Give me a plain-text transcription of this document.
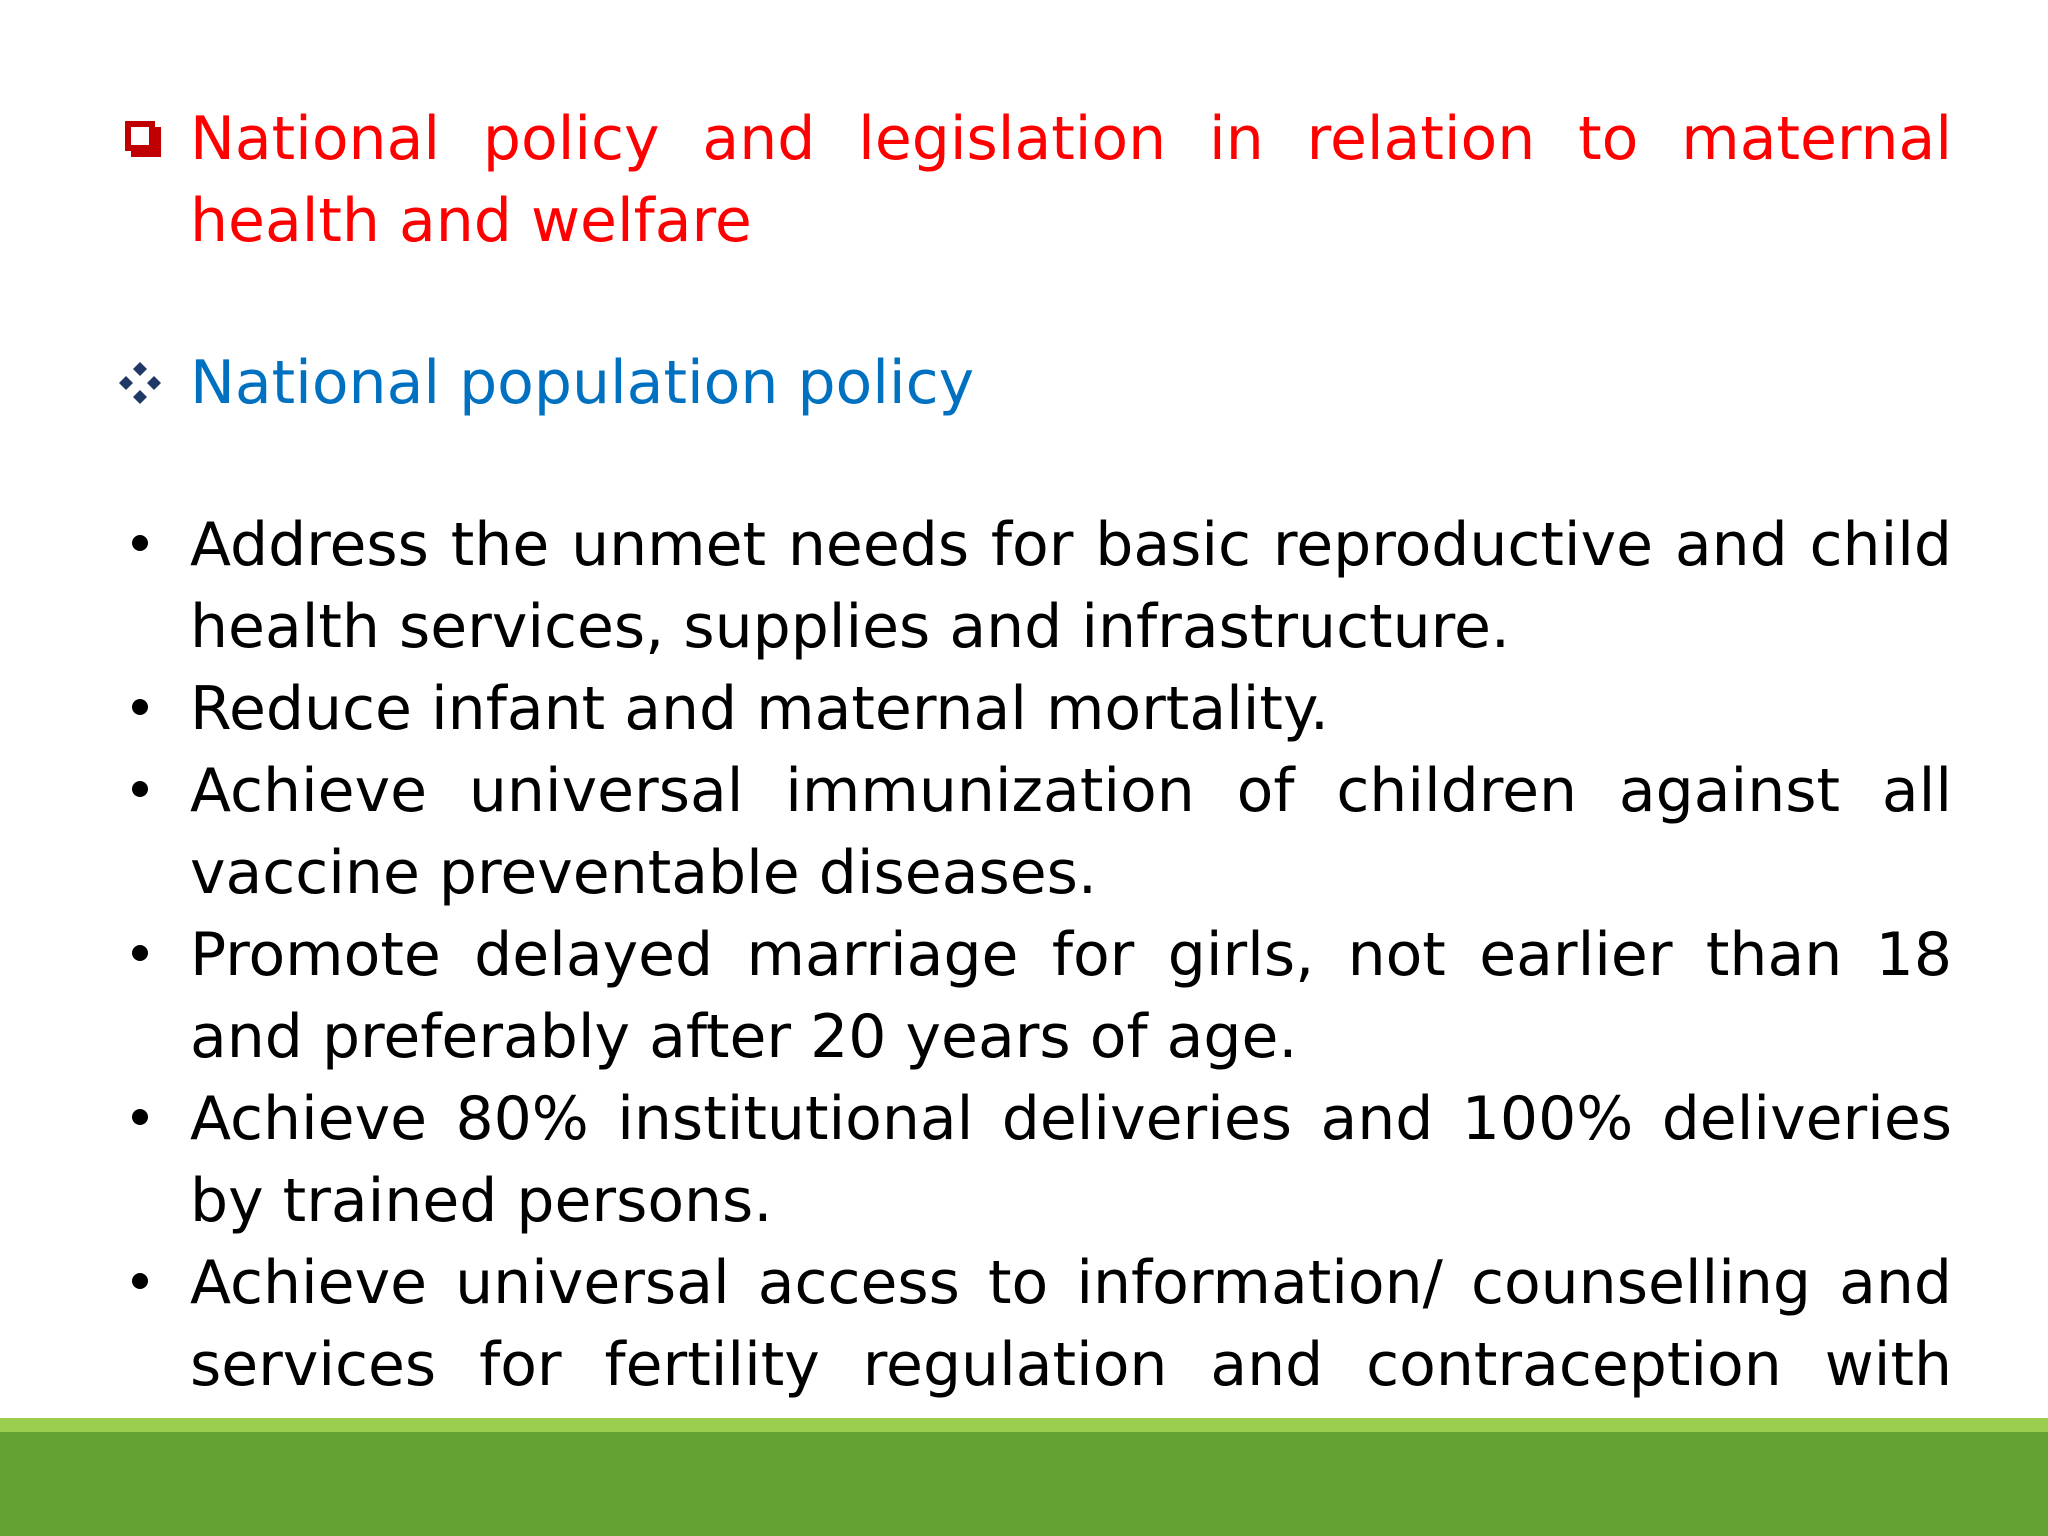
National policy and legislation in relation to maternal health and welfare
National population policy
Address the unmet needs for basic reproductive and child health services, supplies and infrastructure.
Reduce infant and maternal mortality.
Achieve universal immunization of children against all vaccine preventable diseases.
Promote delayed marriage for girls, not earlier than 18 and preferably after 20 years of age.
Achieve 80% institutional deliveries and 100% deliveries by trained persons.
Achieve universal access to information/ counselling and services for fertility regulation and contraception with
